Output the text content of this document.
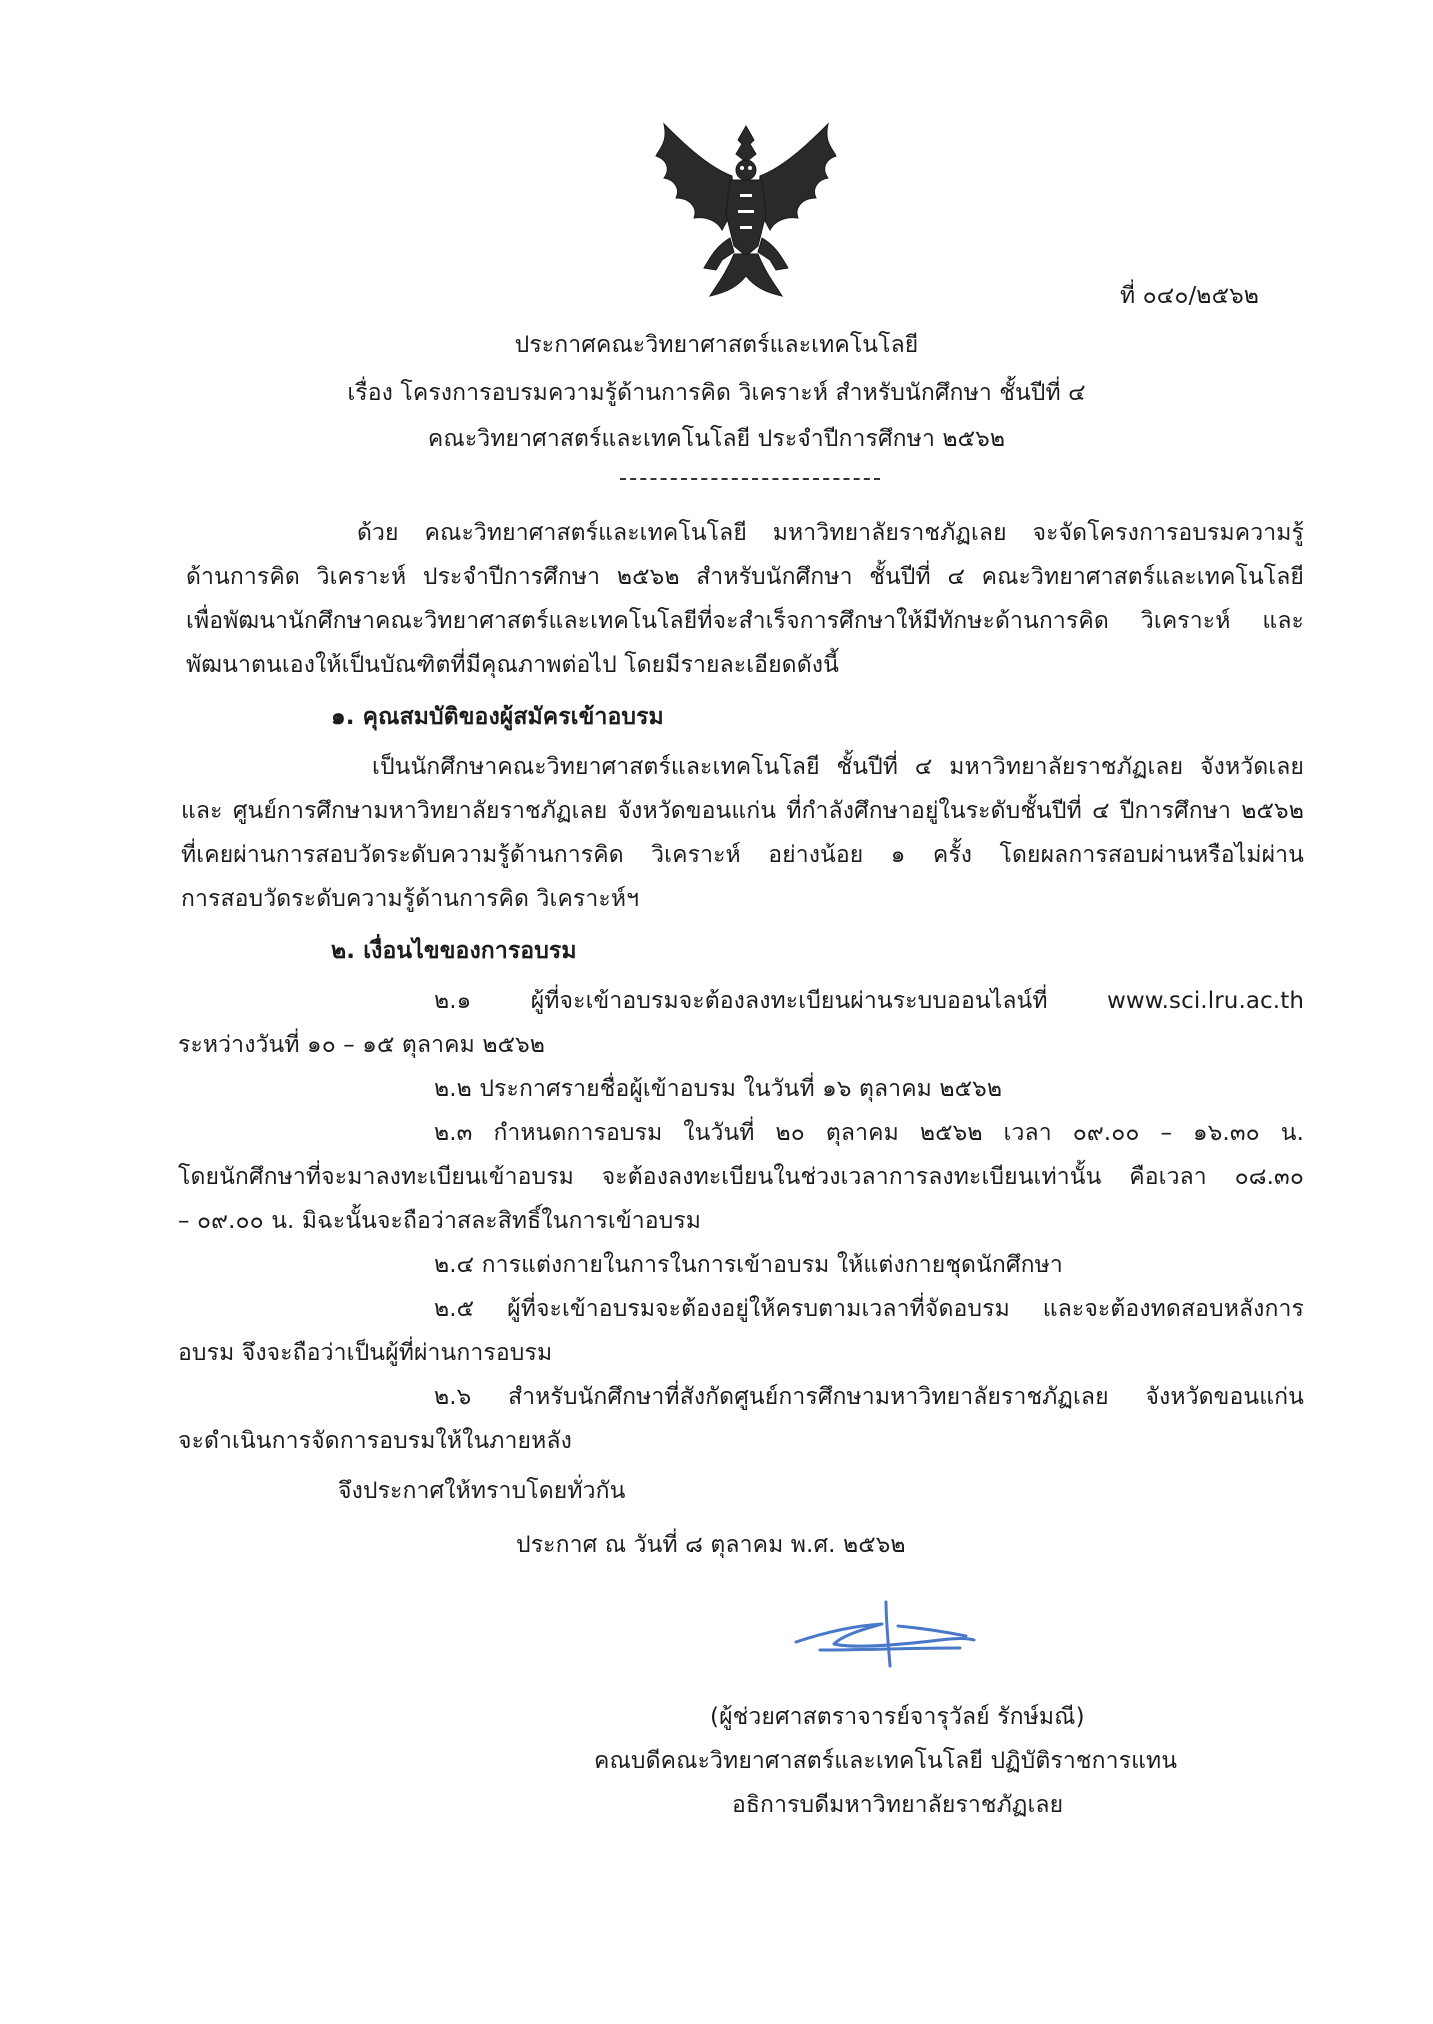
ที่ ๐๔๐/๒๕๖๒
ประกาศคณะวิทยาศาสตร์และเทคโนโลยี
เรื่อง โครงการอบรมความรู้ด้านการคิด วิเคราะห์ สำหรับนักศึกษา ชั้นปีที่ ๔
คณะวิทยาศาสตร์และเทคโนโลยี ประจำปีการศึกษา ๒๕๖๒
ด้วย คณะวิทยาศาสตร์และเทคโนโลยี มหาวิทยาลัยราชภัฏเลย จะจัดโครงการอบรมความรู้
ด้านการคิด วิเคราะห์ ประจำปีการศึกษา ๒๕๖๒ สำหรับนักศึกษา ชั้นปีที่ ๔ คณะวิทยาศาสตร์และเทคโนโลยี
เพื่อพัฒนานักศึกษาคณะวิทยาศาสตร์และเทคโนโลยีที่จะสำเร็จการศึกษาให้มีทักษะด้านการคิด วิเคราะห์ และ
พัฒนาตนเองให้เป็นบัณฑิตที่มีคุณภาพต่อไป โดยมีรายละเอียดดังนี้
๑. คุณสมบัติของผู้สมัครเข้าอบรม
เป็นนักศึกษาคณะวิทยาศาสตร์และเทคโนโลยี ชั้นปีที่ ๔ มหาวิทยาลัยราชภัฏเลย จังหวัดเลย
และ ศูนย์การศึกษามหาวิทยาลัยราชภัฏเลย จังหวัดขอนแก่น ที่กำลังศึกษาอยู่ในระดับชั้นปีที่ ๔ ปีการศึกษา ๒๕๖๒
ที่เคยผ่านการสอบวัดระดับความรู้ด้านการคิด วิเคราะห์ อย่างน้อย ๑ ครั้ง โดยผลการสอบผ่านหรือไม่ผ่าน
การสอบวัดระดับความรู้ด้านการคิด วิเคราะห์ฯ
๒. เงื่อนไขของการอบรม
๒.๑ ผู้ที่จะเข้าอบรมจะต้องลงทะเบียนผ่านระบบออนไลน์ที่ www.sci.lru.ac.th
ระหว่างวันที่ ๑๐ – ๑๕ ตุลาคม ๒๕๖๒
๒.๒ ประกาศรายชื่อผู้เข้าอบรม ในวันที่ ๑๖ ตุลาคม ๒๕๖๒
๒.๓ กำหนดการอบรม ในวันที่ ๒๐ ตุลาคม ๒๕๖๒ เวลา ๐๙.๐๐ – ๑๖.๓๐ น.
โดยนักศึกษาที่จะมาลงทะเบียนเข้าอบรม จะต้องลงทะเบียนในช่วงเวลาการลงทะเบียนเท่านั้น คือเวลา ๐๘.๓๐
– ๐๙.๐๐ น. มิฉะนั้นจะถือว่าสละสิทธิ์ในการเข้าอบรม
๒.๔ การแต่งกายในการในการเข้าอบรม ให้แต่งกายชุดนักศึกษา
๒.๕ ผู้ที่จะเข้าอบรมจะต้องอยู่ให้ครบตามเวลาที่จัดอบรม และจะต้องทดสอบหลังการ
อบรม จึงจะถือว่าเป็นผู้ที่ผ่านการอบรม
๒.๖ สำหรับนักศึกษาที่สังกัดศูนย์การศึกษามหาวิทยาลัยราชภัฏเลย จังหวัดขอนแก่น
จะดำเนินการจัดการอบรมให้ในภายหลัง
จึงประกาศให้ทราบโดยทั่วกัน
ประกาศ ณ วันที่ ๘ ตุลาคม พ.ศ. ๒๕๖๒
(ผู้ช่วยศาสตราจารย์จารุวัลย์ รักษ์มณี)
คณบดีคณะวิทยาศาสตร์และเทคโนโลยี ปฏิบัติราชการแทน
อธิการบดีมหาวิทยาลัยราชภัฏเลย
